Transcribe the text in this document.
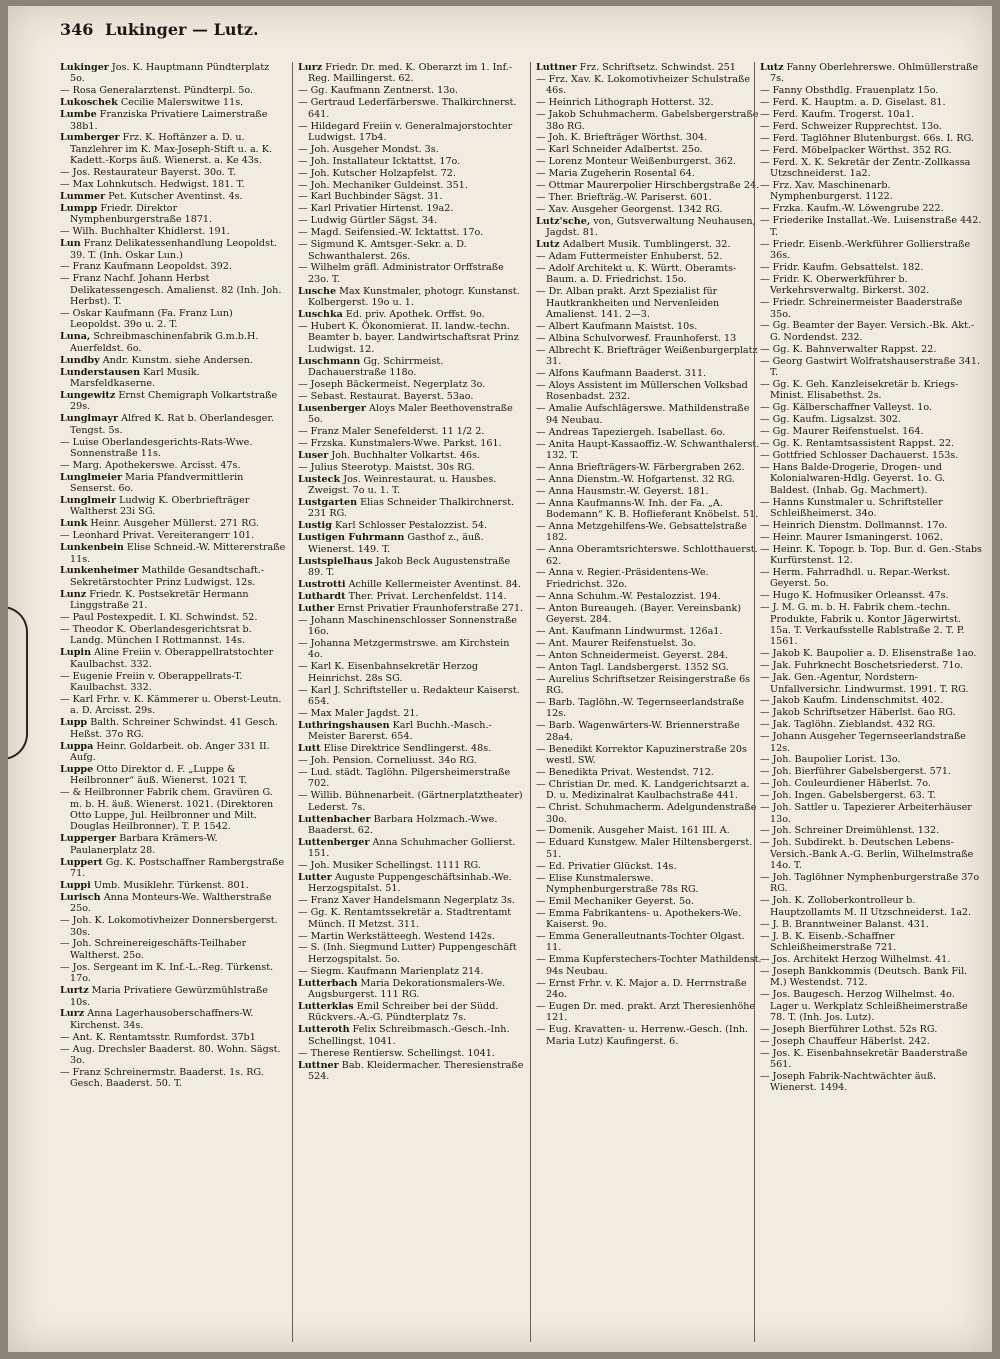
346 Lukinger — Lutz.
Lukinger Jos. K. Hauptmann Pündterplatz 5o.
— Rosa Generalarztenst. Pündterpl. 5o.
Lukoschek Cecilie Malerswitwe 11s.
Lumbe Franziska Privatiere Laimerstraße 38b1.
Lumberger Frz. K. Hoftänzer a. D. u. Tanzlehrer im K. Max-Joseph-Stift u. a. K. Kadett.-Korps äuß. Wienerst. a. Ke 43s.
— Jos. Restaurateur Bayerst. 30o. T.
— Max Lohnkutsch. Hedwigst. 181. T.
Lummer Pet. Kutscher Aventinst. 4s.
Lumpp Friedr. Direktor Nymphenburgerstraße 1871.
— Wilh. Buchhalter Khidlerst. 191.
Lun Franz Delikatessenhandlung Leopoldst. 39. T. (Inh. Oskar Lun.)
— Franz Kaufmann Leopoldst. 392.
— Franz Nachf. Johann Herbst Delikatessengesch. Amalienst. 82 (Inh. Joh. Herbst). T.
— Oskar Kaufmann (Fa. Franz Lun) Leopoldst. 39o u. 2. T.
Luna, Schreibmaschinenfabrik G.m.b.H. Auerfeldst. 6o.
Lundby Andr. Kunstm. siehe Andersen.
Lunderstausen Karl Musik. Marsfeldkaserne.
Lungewitz Ernst Chemigraph Volkartstraße 29s.
Lunglmayr Alfred K. Rat b. Oberlandesger. Tengst. 5s.
— Luise Oberlandesgerichts-Rats-Wwe. Sonnenstraße 11s.
— Marg. Apothekerswe. Arcisst. 47s.
Lunglmeier Maria Pfandvermittlerin Senserst. 6o.
Lunglmeir Ludwig K. Oberbriefträger Waltherst 23i SG.
Lunk Heinr. Ausgeher Müllerst. 271 RG.
— Leonhard Privat. Vereiterangerr 101.
Lunkenbein Elise Schneid.-W. Mittererstraße 11s.
Lunkenheimer Mathilde Gesandtschaft.-Sekretärstochter Prinz Ludwigst. 12s.
Lunz Friedr. K. Postsekretär Hermann Linggstraße 21.
— Paul Postexpedit. I. Kl. Schwindst. 52.
— Theodor K. Oberlandesgerichtsrat b. Landg. München I Rottmannst. 14s.
Lupin Aline Freiin v. Oberappellratstochter Kaulbachst. 332.
— Eugenie Freiin v. Oberappellrats-T. Kaulbachst. 332.
— Karl Frhr. v. K. Kämmerer u. Oberst-Leutn. a. D. Arcisst. 29s.
Lupp Balth. Schreiner Schwindst. 41 Gesch. Heßst. 37o RG.
Luppa Heinr. Goldarbeit. ob. Anger 331 II. Aufg.
Luppe Otto Direktor d. F. „Luppe & Heilbronner“ äuß. Wienerst. 1021 T.
— & Heilbronner Fabrik chem. Gravüren G. m. b. H. äuß. Wienerst. 1021. (Direktoren Otto Luppe, Jul. Heilbronner und Milt. Douglas Heilbronner). T. P. 1542.
Lupperger Barbara Krämers-W. Paulanerplatz 28.
Luppert Gg. K. Postschaffner Rambergstraße 71.
Luppi Umb. Musiklehr. Türkenst. 801.
Lurisch Anna Monteurs-We. Waltherstraße 25o.
— Joh. K. Lokomotivheizer Donnersbergerst. 30s.
— Joh. Schreinereigeschäfts-Teilhaber Waltherst. 25o.
— Jos. Sergeant im K. Inf.-L.-Reg. Türkenst. 17o.
Lurtz Maria Privatiere Gewürzmühlstraße 10s.
Lurz Anna Lagerhausoberschaffners-W. Kirchenst. 34s.
— Ant. K. Rentamtsstr. Rumfordst. 37b1
— Aug. Drechsler Baaderst. 80. Wohn. Sägst. 3o.
— Franz Schreinermstr. Baaderst. 1s. RG. Gesch. Baaderst. 50. T.
Lurz Friedr. Dr. med. K. Oberarzt im 1. Inf.-Reg. Maillingerst. 62.
— Gg. Kaufmann Zentnerst. 13o.
— Gertraud Lederfärberswe. Thalkirchnerst. 641.
— Hildegard Freiin v. Generalmajorstochter Ludwigst. 17b4.
— Joh. Ausgeher Mondst. 3s.
— Joh. Installateur Icktattst. 17o.
— Joh. Kutscher Holzapfelst. 72.
— Joh. Mechaniker Guldeinst. 351.
— Karl Buchbinder Sägst. 31.
— Karl Privatier Hirtenst. 19a2.
— Ludwig Gürtler Sägst. 34.
— Magd. Seifensied.-W. Icktattst. 17o.
— Sigmund K. Amtsger.-Sekr. a. D. Schwanthalerst. 26s.
— Wilhelm gräfl. Administrator Orffstraße 23o. T.
Lusche Max Kunstmaler, photogr. Kunstanst. Kolbergerst. 19o u. 1.
Luschka Ed. priv. Apothek. Orffst. 9o.
— Hubert K. Ökonomierat. II. landw.-techn. Beamter b. bayer. Landwirtschaftsrat Prinz Ludwigst. 12.
Luschmann Gg. Schirrmeist. Dachauerstraße 118o.
— Joseph Bäckermeist. Negerplatz 3o.
— Sebast. Restaurat. Bayerst. 53ao.
Lusenberger Aloys Maler Beethovenstraße 5o.
— Franz Maler Senefelderst. 11 1/2 2.
— Frzska. Kunstmalers-Wwe. Parkst. 161.
Luser Joh. Buchhalter Volkartst. 46s.
— Julius Steerotyp. Maistst. 30s RG.
Lusteck Jos. Weinrestaurat. u. Hausbes. Zweigst. 7o u. 1. T.
Lustgarten Elias Schneider Thalkirchnerst. 231 RG.
Lustig Karl Schlosser Pestalozzist. 54.
Lustigen Fuhrmann Gasthof z., äuß. Wienerst. 149. T.
Lustspielhaus Jakob Beck Augustenstraße 89. T.
Lustrotti Achille Kellermeister Aventinst. 84.
Luthardt Ther. Privat. Lerchenfeldst. 114.
Luther Ernst Privatier Fraunhoferstraße 271.
— Johann Maschinenschlosser Sonnenstraße 16o.
— Johanna Metzgermstrswe. am Kirchstein 4o.
— Karl K. Eisenbahnsekretär Herzog Heinrichst. 28s SG.
— Karl J. Schriftsteller u. Redakteur Kaiserst. 654.
— Max Maler Jagdst. 21.
Luthringshausen Karl Buchh.-Masch.-Meister Barerst. 654.
Lutt Elise Direktrice Sendlingerst. 48s.
— Joh. Pension. Corneliusst. 34o RG.
— Lud. städt. Taglöhn. Pilgersheimerstraße 702.
— Willib. Bühnenarbeit. (Gärtnerplatztheater) Lederst. 7s.
Luttenbacher Barbara Holzmach.-Wwe. Baaderst. 62.
Luttenberger Anna Schuhmacher Gollierst. 151.
— Joh. Musiker Schellingst. 1111 RG.
Lutter Auguste Puppengeschäftsinhab.-We. Herzogspitalst. 51.
— Franz Xaver Handelsmann Negerplatz 3s.
— Gg. K. Rentamtssekretär a. Stadtrentamt Münch. II Metzst. 311.
— Martin Werkstätteegh. Westend 142s.
— S. (Inh. Siegmund Lutter) Puppengeschäft Herzogspitalst. 5o.
— Siegm. Kaufmann Marienplatz 214.
Lutterbach Maria Dekorationsmalers-We. Augsburgerst. 111 RG.
Lutterklas Emil Schreiber bei der Südd. Rückvers.-A.-G. Pündterplatz 7s.
Lutteroth Felix Schreibmasch.-Gesch.-Inh. Schellingst. 1041.
— Therese Rentiersw. Schellingst. 1041.
Luttner Bab. Kleidermacher. Theresienstraße 524.
Luttner Frz. Schriftsetz. Schwindst. 251
— Frz. Xav. K. Lokomotivheizer Schulstraße 46s.
— Heinrich Lithograph Hotterst. 32.
— Jakob Schuhmacherm. Gabelsbergerstraße 38o RG.
— Joh. K. Briefträger Wörthst. 304.
— Karl Schneider Adalbertst. 25o.
— Lorenz Monteur Weißenburgerst. 362.
— Maria Zugeherin Rosental 64.
— Ottmar Maurerpolier Hirschbergstraße 24.
— Ther. Briefträg.-W. Pariserst. 601.
— Xav. Ausgeher Georgenst. 1342 RG.
Lutz'sche, von, Gutsverwaltung Neuhausen, Jagdst. 81.
Lutz Adalbert Musik. Tumblingerst. 32.
— Adam Futtermeister Enhuberst. 52.
— Adolf Architekt u. K. Württ. Oberamts-Baum. a. D. Friedrichst. 15o.
— Dr. Alban prakt. Arzt Spezialist für Hautkrankheiten und Nervenleiden Amalienst. 141. 2—3.
— Albert Kaufmann Maistst. 10s.
— Albina Schulvorwesf. Fraunhoferst. 13
— Albrecht K. Briefträger Weißenburgerplatz 31.
— Alfons Kaufmann Baaderst. 311.
— Aloys Assistent im Müllerschen Volksbad Rosenbadst. 232.
— Amalie Aufschlägerswe. Mathildenstraße 94 Neubau.
— Andreas Tapeziergeh. Isabellast. 6o.
— Anita Haupt-Kassaoffiz.-W. Schwanthalerst. 132. T.
— Anna Briefträgers-W. Färbergraben 262.
— Anna Dienstm.-W. Hofgartenst. 32 RG.
— Anna Hausmstr.-W. Geyerst. 181.
— Anna Kaufmanns-W. Inh. der Fa. „A. Bodemann“ K. B. Hoflieferant Knöbelst. 51.
— Anna Metzgehilfens-We. Gebsattelstraße 182.
— Anna Oberamtsrichterswe. Schlotthauerst. 62.
— Anna v. Regier.-Präsidentens-We. Friedrichst. 32o.
— Anna Schuhm.-W. Pestalozzist. 194.
— Anton Bureaugeh. (Bayer. Vereinsbank) Geyerst. 284.
— Ant. Kaufmann Lindwurmst. 126a1.
— Ant. Maurer Reifenstuelst. 3o.
— Anton Schneidermeist. Geyerst. 284.
— Anton Tagl. Landsbergerst. 1352 SG.
— Aurelius Schriftsetzer Reisingerstraße 6s RG.
— Barb. Taglöhn.-W. Tegernseerlandstraße 12s.
— Barb. Wagenwärters-W. Briennerstraße 28a4.
— Benedikt Korrektor Kapuzinerstraße 20s westl. SW.
— Benedikta Privat. Westendst. 712.
— Christian Dr. med. K. Landgerichtsarzt a. D. u. Medizinalrat Kaulbachstraße 441.
— Christ. Schuhmacherm. Adelgundenstraße 30o.
— Domenik. Ausgeher Maist. 161 III. A.
— Eduard Kunstgew. Maler Hiltensbergerst. 51.
— Ed. Privatier Glückst. 14s.
— Elise Kunstmalerswe. Nymphenburgerstraße 78s RG.
— Emil Mechaniker Geyerst. 5o.
— Emma Fabrikantens- u. Apothekers-We. Kaiserst. 9o.
— Emma Generalleutnants-Tochter Olgast. 11.
— Emma Kupferstechers-Tochter Mathildenst. 94s Neubau.
— Ernst Frhr. v. K. Major a. D. Herrnstraße 24o.
— Eugen Dr. med. prakt. Arzt Theresienhöhe 121.
— Eug. Kravatten- u. Herrenw.-Gesch. (Inh. Maria Lutz) Kaufingerst. 6.
Lutz Fanny Oberlehrerswe. Ohlmüllerstraße 7s.
— Fanny Obsthdlg. Frauenplatz 15o.
— Ferd. K. Hauptm. a. D. Giselast. 81.
— Ferd. Kaufm. Trogerst. 10a1.
— Ferd. Schweizer Rupprechtst. 13o.
— Ferd. Taglöhner Blutenburgst. 66s. I. RG.
— Ferd. Möbelpacker Wörthst. 352 RG.
— Ferd. X. K. Sekretär der Zentr.-Zollkassa Utzschneiderst. 1a2.
— Frz. Xav. Maschinenarb. Nymphenburgerst. 1122.
— Frzka. Kaufm.-W. Löwengrube 222.
— Friederike Installat.-We. Luisenstraße 442. T.
— Friedr. Eisenb.-Werkführer Gollierstraße 36s.
— Fridr. Kaufm. Gebsattelst. 182.
— Fridr. K. Oberwerkführer b. Verkehrsverwaltg. Birkerst. 302.
— Friedr. Schreinermeister Baaderstraße 35o.
— Gg. Beamter der Bayer. Versich.-Bk. Akt.-G. Nordendst. 232.
— Gg. K. Bahnverwalter Rappst. 22.
— Georg Gastwirt Wolfratshauserstraße 341. T.
— Gg. K. Geh. Kanzleisekretär b. Kriegs-Minist. Elisabethst. 2s.
— Gg. Kälberschaffner Valleyst. 1o.
— Gg. Kaufm. Ligsalzst. 302.
— Gg. Maurer Reifenstuelst. 164.
— Gg. K. Rentamtsassistent Rappst. 22.
— Gottfried Schlosser Dachauerst. 153s.
— Hans Balde-Drogerie, Drogen- und Kolonialwaren-Hdlg. Geyerst. 1o. G. Baldest. (Inhab. Gg. Machmert).
— Hanns Kunstmaler u. Schriftsteller Schleißheimerst. 34o.
— Heinrich Dienstm. Dollmannst. 17o.
— Heinr. Maurer Ismaningerst. 1062.
— Heinr. K. Topogr. b. Top. Bur. d. Gen.-Stabs Kurfürstenst. 12.
— Herm. Fahrradhdl. u. Repar.-Werkst. Geyerst. 5o.
— Hugo K. Hofmusiker Orleansst. 47s.
— J. M. G. m. b. H. Fabrik chem.-techn. Produkte, Fabrik u. Kontor Jägerwirtst. 15a. T. Verkaufsstelle Rablstraße 2. T. P. 1561.
— Jakob K. Baupolier a. D. Elisenstraße 1ao.
— Jak. Fuhrknecht Boschetsriederst. 71o.
— Jak. Gen.-Agentur, Nordstern-Unfallversichr. Lindwurmst. 1991. T. RG.
— Jakob Kaufm. Lindenschmitst. 402.
— Jakob Schriftsetzer Häberlst. 6ao RG.
— Jak. Taglöhn. Zieblandst. 432 RG.
— Johann Ausgeher Tegernseerlandstraße 12s.
— Joh. Baupolier Lorist. 13o.
— Joh. Bierführer Gabelsbergerst. 571.
— Joh. Couleurdiener Häberlst. 7o.
— Joh. Ingen. Gabelsbergerst. 63. T.
— Joh. Sattler u. Tapezierer Arbeiterhäuser 13o.
— Joh. Schreiner Dreimühlenst. 132.
— Joh. Subdirekt. b. Deutschen Lebens-Versich.-Bank A.-G. Berlin, Wilhelmstraße 14o. T.
— Joh. Taglöhner Nymphenburgerstraße 37o RG.
— Joh. K. Zolloberkontrolleur b. Hauptzollamts M. II Utzschneiderst. 1a2.
— J. B. Branntweiner Balanst. 431.
— J. B. K. Eisenb.-Schaffner Schleißheimerstraße 721.
— Jos. Architekt Herzog Wilhelmst. 41.
— Joseph Bankkommis (Deutsch. Bank Fil. M.) Westendst. 712.
— Jos. Baugesch. Herzog Wilhelmst. 4o. Lager u. Werkplatz Schleißheimerstraße 78. T. (Inh. Jos. Lutz).
— Joseph Bierführer Lothst. 52s RG.
— Joseph Chauffeur Häberlst. 242.
— Jos. K. Eisenbahnsekretär Baaderstraße 561.
— Joseph Fabrik-Nachtwächter äuß. Wienerst. 1494.
